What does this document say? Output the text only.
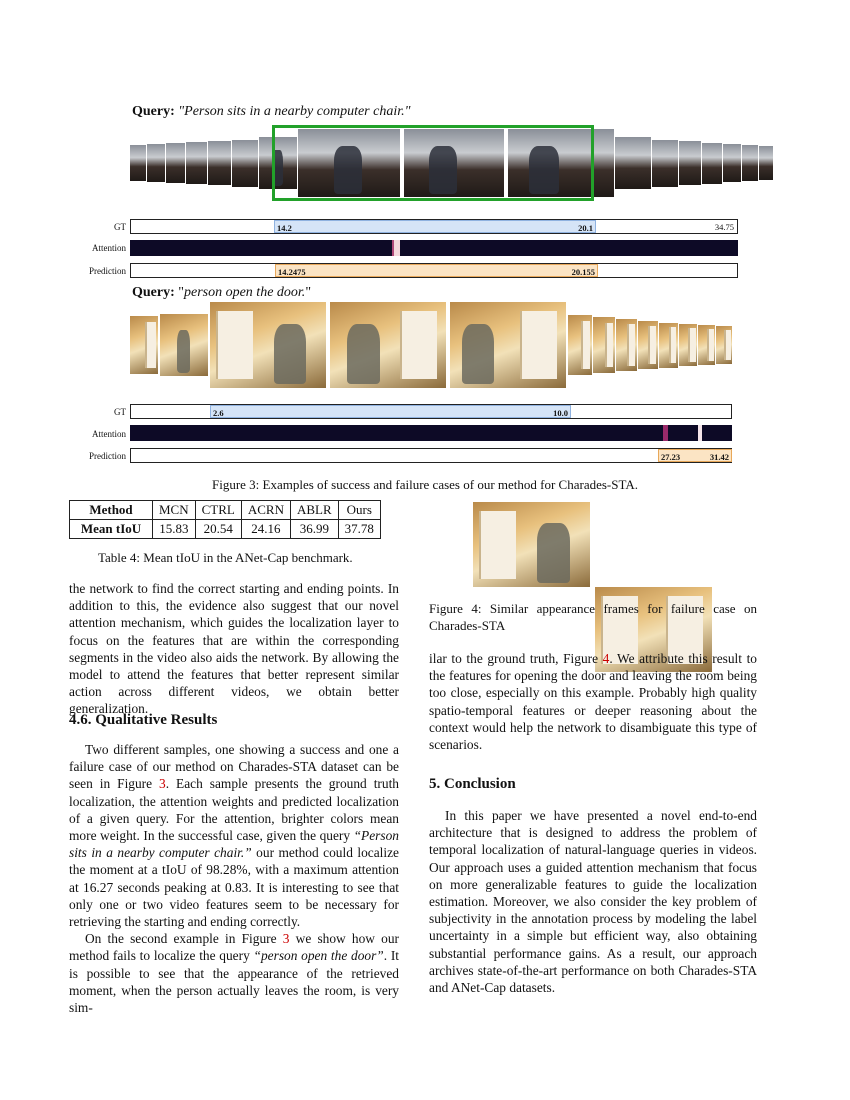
Query: "Person sits in a nearby computer chair."
GT	14.2	20.1	34.75
Attention
Prediction	14.2475	20.155
Query: "person open the door."
GT	2.6	10.0
Attention
Prediction	27.23	31.42
Figure 3: Examples of success and failure cases of our method for Charades-STA.
Method	MCN	CTRL	ACRN	ABLR	Ours
Mean tIoU	15.83	20.54	24.16	36.99	37.78
Table 4: Mean tIoU in the ANet-Cap benchmark.
Figure 4: Similar appearance frames for failure case on Charades-STA

the network to find the correct starting and ending points. In addition to this, the evidence also suggest that our novel attention mechanism, which guides the localization layer to focus on the features that are within the corresponding segments in the video also aids the network. By allowing the model to attend the features that better represent similar action across different videos, we obtain better generalization.

4.6. Qualitative Results

Two different samples, one showing a success and one a failure case of our method on Charades-STA dataset can be seen in Figure 3. Each sample presents the ground truth localization, the attention weights and predicted localization of a given query. For the attention, brighter colors mean more weight. In the successful case, given the query “Person sits in a nearby computer chair.” our method could localize the moment at a tIoU of 98.28%, with a maximum attention at 16.27 seconds peaking at 0.83. It is interesting to see that only one or two video features seem to be necessary for retrieving the starting and ending correctly.

On the second example in Figure 3 we show how our method fails to localize the query “person open the door”. It is possible to see that the appearance of the retrieved moment, when the person actually leaves the room, is very sim-

ilar to the ground truth, Figure 4. We attribute this result to the features for opening the door and leaving the room being too close, especially on this example. Probably high quality spatio-temporal features or deeper reasoning about the context would help the network to disambiguate this type of scenarios.

5. Conclusion

In this paper we have presented a novel end-to-end architecture that is designed to address the problem of temporal localization of natural-language queries in videos. Our approach uses a guided attention mechanism that focus on more generalizable features to guide the localization estimation. Moreover, we also consider the key problem of subjectivity in the annotation process by modeling the label uncertainty in a simple but efficient way, also obtaining substantial performance gains. As a result, our approach archives state-of-the-art performance on both Charades-STA and ANet-Cap datasets.
